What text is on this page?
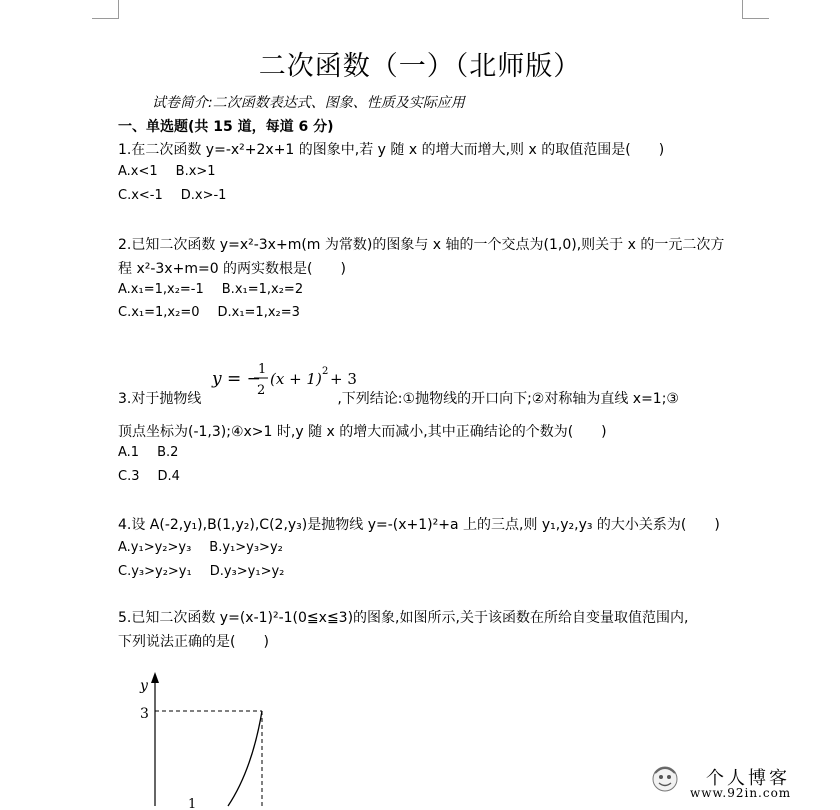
二次函数（一）（北师版）
试卷简介:二次函数表达式、图象、性质及实际应用
一、单选题(共 15 道，每道 6 分)
1.在二次函数 y=-x²+2x+1 的图象中,若 y 随 x 的增大而增大,则 x 的取值范围是(　　)
A.x<1 B.x>1
C.x<-1 D.x>-1
2.已知二次函数 y=x²-3x+m(m 为常数)的图象与 x 轴的一个交点为(1,0),则关于 x 的一元二次方
程 x²-3x+m=0 的两实数根是(　　)
A.x₁=1,x₂=-1 B.x₁=1,x₂=2
C.x₁=1,x₂=0 D.x₁=1,x₂=3
y = −
1
2
(x + 1) 2 + 3
3.对于抛物线	,下列结论:①抛物线的开口向下;②对称轴为直线 x=1;③
顶点坐标为(-1,3);④x>1 时,y 随 x 的增大而减小,其中正确结论的个数为(　　)
A.1 B.2
C.3 D.4
4.设 A(-2,y₁),B(1,y₂),C(2,y₃)是抛物线 y=-(x+1)²+a 上的三点,则 y₁,y₂,y₃ 的大小关系为(　　)
A.y₁>y₂>y₃ B.y₁>y₃>y₂
C.y₃>y₂>y₁ D.y₃>y₁>y₂
5.已知二次函数 y=(x-1)²-1(0≦x≦3)的图象,如图所示,关于该函数在所给自变量取值范围内,
下列说法正确的是(　　)
y
3
1
个人博客
www.92in.com
